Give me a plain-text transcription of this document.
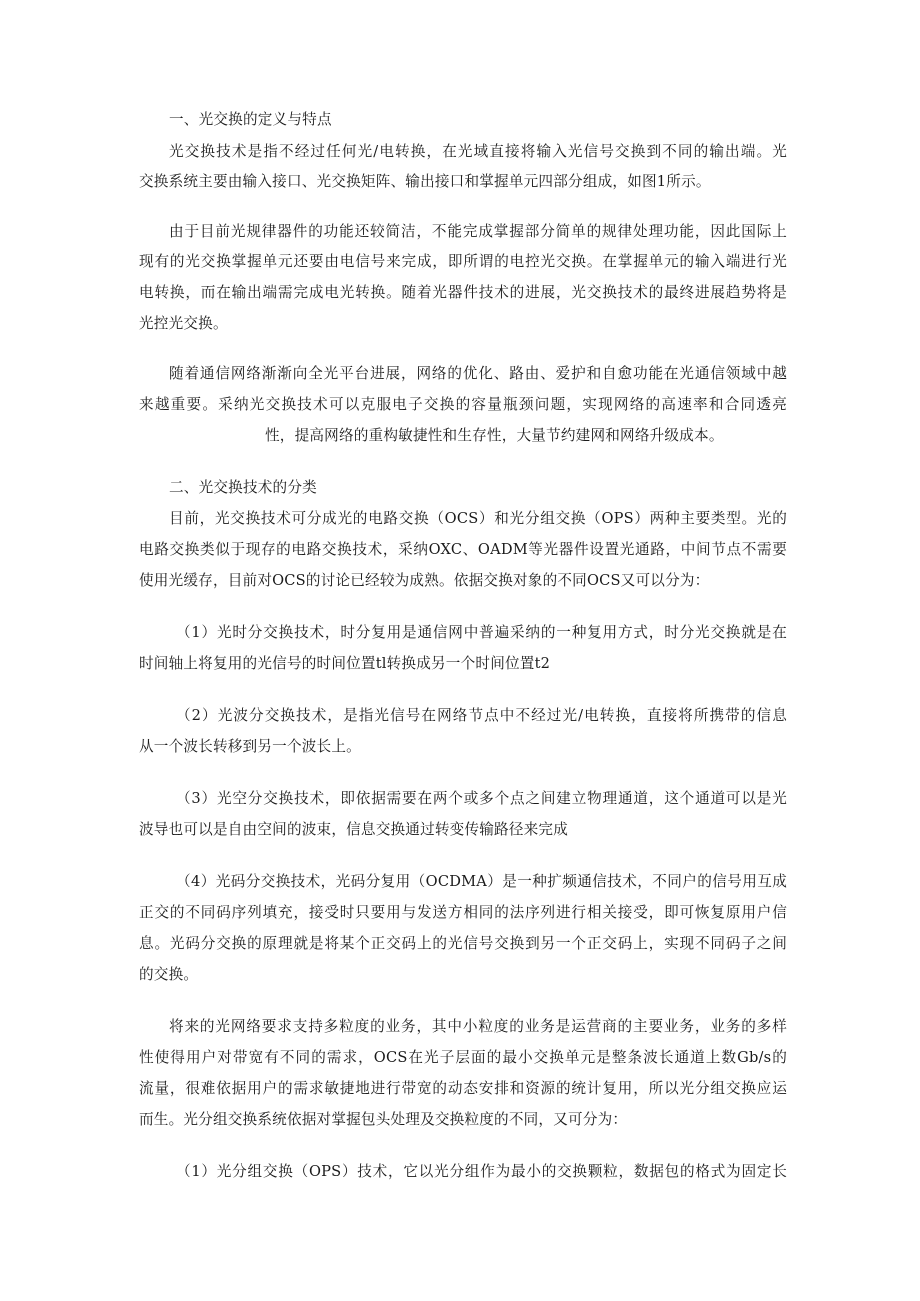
一、光交换的定义与特点
光交换技术是指不经过任何光/电转换，在光域直接将输入光信号交换到不同的输出端。光
交换系统主要由输入接口、光交换矩阵、输出接口和掌握单元四部分组成，如图1所示。
由于目前光规律器件的功能还较简洁，不能完成掌握部分简单的规律处理功能，因此国际上
现有的光交换掌握单元还要由电信号来完成，即所谓的电控光交换。在掌握单元的输入端进行光
电转换，而在输出端需完成电光转换。随着光器件技术的进展，光交换技术的最终进展趋势将是
光控光交换。
随着通信网络渐渐向全光平台进展，网络的优化、路由、爱护和自愈功能在光通信领域中越
来越重要。采纳光交换技术可以克服电子交换的容量瓶颈问题，实现网络的高速率和合同透亮
性，提高网络的重构敏捷性和生存性，大量节约建网和网络升级成本。
二、光交换技术的分类
目前，光交换技术可分成光的电路交换（OCS）和光分组交换（OPS）两种主要类型。光的
电路交换类似于现存的电路交换技术，采纳OXC、OADM等光器件设置光通路，中间节点不需要
使用光缓存，目前对OCS的讨论已经较为成熟。依据交换对象的不同OCS又可以分为：
（1）光时分交换技术，时分复用是通信网中普遍采纳的一种复用方式，时分光交换就是在
时间轴上将复用的光信号的时间位置tl转换成另一个时间位置t2
（2）光波分交换技术，是指光信号在网络节点中不经过光/电转换，直接将所携带的信息
从一个波长转移到另一个波长上。
（3）光空分交换技术，即依据需要在两个或多个点之间建立物理通道，这个通道可以是光
波导也可以是自由空间的波束，信息交换通过转变传输路径来完成
（4）光码分交换技术，光码分复用（OCDMA）是一种扩频通信技术，不同户的信号用互成
正交的不同码序列填充，接受时只要用与发送方相同的法序列进行相关接受，即可恢复原用户信
息。光码分交换的原理就是将某个正交码上的光信号交换到另一个正交码上，实现不同码子之间
的交换。
将来的光网络要求支持多粒度的业务，其中小粒度的业务是运营商的主要业务，业务的多样
性使得用户对带宽有不同的需求，OCS在光子层面的最小交换单元是整条波长通道上数Gb/s的
流量，很难依据用户的需求敏捷地进行带宽的动态安排和资源的统计复用，所以光分组交换应运
而生。光分组交换系统依据对掌握包头处理及交换粒度的不同，又可分为：
（1）光分组交换（OPS）技术，它以光分组作为最小的交换颗粒，数据包的格式为固定长
